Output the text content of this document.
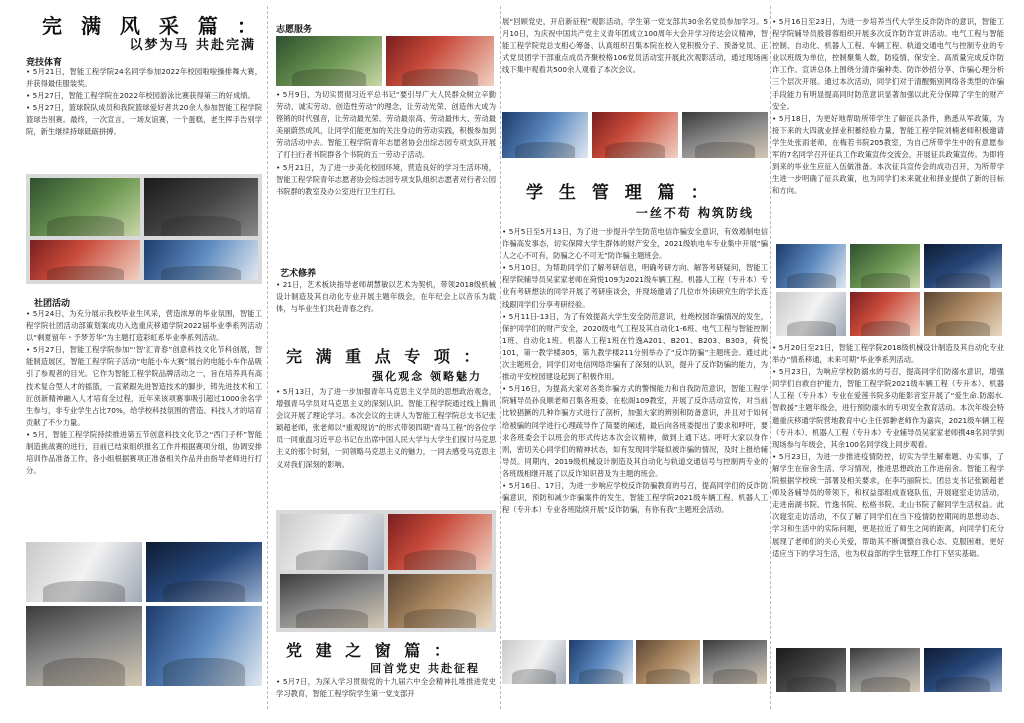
完 满 风 采 篇 ：
以梦为马 共赴完满
竞技体育

• 5月21日，智能工程学院24名同学参加2022年校园啦啦操排舞大赛，并获得最佳服装奖。

• 5月27日，智能工程学院在2022年校园游泳比赛获得第三的好成绩。

• 5月27日，篮球院队成员和我院篮球爱好者共20余人参加智能工程学院篮球告别赛。最终，一次宣言，一场友谊赛，一个蛋糕，老生挥手告别学院，新生继续持球砥砺拼搏。

社团活动

• 5月24日，为充分展示我校毕业生风采，营造浓厚的毕业氛围，智能工程学院社团活动部策划案成功入选重庆移通学院2022届毕业季系列活动以“剩夏留年・予梦芳华”为主题打造彩虹系毕业季系列活动。

• 5月27日，智能工程学院参加“‘智’汇青春”创意科技文化节科创展，智能制造展区，智能工程学院子活动“电能小车大赛”展台的电能小车作品吸引了参观者的目光。它作为智能工程学院品牌活动之一，旨在培养具有高技术复合型人才的摇篮，一直紧跟先进智造技术的脚步，铸先进技术和工匠创新精神融入人才培育全过程，近年来该项赛事吸引超过1000余名学生参与，非专业学生占比70%，给学校科技氛围的营造、科技人才的培育贡献了不少力量。

• 5月，智能工程学院持续推进第五节创意科技文化节之“西门子杯”智能制造挑战赛的进行，目前已结束组织报名工作并根据赛项分组，协调安排培训作品准备工作，各小组根据赛项正准备相关作品并由指导老师进行打分。

志愿服务

• 5月9日，为切实贯彻习近平总书记“要引导广大人民群众树立辛勤劳动、诚实劳动、创造性劳动”的理念，让劳动光荣、创造伟大成为铿锵的时代强音，让劳动最光荣、劳动最崇高、劳动最伟大、劳动最美丽蔚然成风，让同学们能更加的关注身边的劳动实践，积极参加到劳动活动中去。智能工程学院青年志愿者协会出综志园专项支队开展了打扫行者书院群各个书院的五一劳动子活动。

• 5月21日，为了进一步美化校园环境，营造良好的学习生活环境，智能工程学院青年志愿者协会综志园专项支队组织志愿者对行者公园书院群的教室及办公室进行卫生打扫。

艺术修养

• 21日，艺术板块指导老师胡慧敏以艺术为契机，带领2018级机械设计制造及其自动化专业开展主题年级会，在年纪会上以音乐为载体，与毕业生们共赴青春之约。

完 满 重 点 专 项 ：
强化观念 领略魅力

• 5月13日，为了进一步加强青年马克思主义学员的思想政治观念，增强青马学员对马克思主义的深刻认识。智能工程学院通过线上腾讯会议开展了理论学习。本次会议的主讲人为智能工程学院总支书记张颖超老师，张老师以“重观现访”的形式带领四期“青马工程”的各位学员一同重温习近平总书记在出席中国人民大学与大学生们探讨马克思主义的那个时刻，一同领略马克思主义的魅力，一同去感受马克思主义对我们深刻的影响。

党 建 之 窗 篇 ：
回首党史 共赴征程

• 5月7日，为深入学习贯彻党的十九届六中全会精神扎堆推进党史学习教育，智能工程学院学生第一党支部开

展“回顾党史，开启新征程”观影活动，学生第一党支部共30余名党员参加学习。5月10日，为庆祝中国共产党主义青年团成立100周年大会开学习传达会议精神，智能工程学院党总支相心筹备、认真组织召集本院在校入党积极分子、预备党员、正式党员团学干部重点成员齐聚校格106党员活动室开展此次观影活动，通过现场画线下集中观看共500余人观看了本次会议。

学 生 管 理 篇 ：
一丝不苟 构筑防线

• 5月5日至5月13日，为了进一步提升学生防范电信诈骗安全意识，有效遏制电信诈骗高发事态，切实保障大学生群体的财产安全，2021级轨电车专业集中开展“骗人之心不可有，防骗之心不可无”防诈骗主题班会。

• 5月10日，为帮助同学们了解考研信息，明确考研方向、解答考研疑问，智能工程学院辅导员吴家家老师在荷悦109为2021级车辆工程、机器人工程（专升本）专业有考研想法的同学开展了考研座谈会，并现场邀请了几位市外读研究生的学长连线跟同学们分享考研经验。

• 5月11日-13日，为了有效提高大学生安全防范意识，杜绝校园诈骗情况的发生，保护同学们的财产安全，2020级电气工程及其自动化1-6班、电气工程与智能控制1班、自动化1班、机器人工程1班在竹逸A201、B201、B203、B303，荷悦101，第一教学楼305，第九教学楼211分别举办了“反诈防骗”主题班会。通过此次主题班会，同学们对电信网络诈骗有了深刻的认识，提升了反诈防骗的能力，为推动平安校园建设起到了积极作用。

• 5月16日，为提高大家对各类诈骗方式的警惕能力和自我防范意识，智能工程学院辅导员孙良顺老师召集各班委，在松阁109教室，开展了反诈活动宣传，对当前比较猖獗的几种诈骗方式进行了剖析，加强大家的辨别和防备意识，并且对于如何给被骗的同学进行心理疏导作了简要的阐述，最后向各班委提出了要求和呼吁，要求各班委会于以班会的形式传达本次会议精神，做到上通下达。呼吁大家以身作则，密切关心同学们的精神状态，如有发现同学疑似被诈骗的情况，及时上报给辅导员。同期内，2019级机械设计制造及其自动化与轨道交通信号与控制两专业的各班级相继开展了以反诈知识普及为主题的班会。

• 5月16日、17日，为进一步响应学校反诈防骗教育的号召，提高同学们的反诈防骗意识，预防和减少诈骗案件的发生，智能工程学院2021级车辆工程、机器人工程（专升本）专业各班陆续开展“反诈防骗，有你有我”主题班会活动。

• 5月16日至23日，为进一步培养当代大学生反诈防诈的意识，智能工程学院辅导员殷蓉蓉组织开展多次反诈防诈宣讲活动。电气工程与智能控制、自动化、机器人工程、车辆工程、轨道交通电气与控制专业的专业以班级为单位，控制聚集人数，防疫情、保安全、高质量完成反诈防诈工作。宣讲总体上围绕分清诈骗种类、防诈妙招分享、诈骗心理分析三个层次开展。通过本次活动，同学们对于清醒甄别网络各类型的诈骗手段能力有明显提高同时防范意识显著加强以此充分保障了学生的财产安全。

• 5月18日，为更好地帮助所带学生了解征兵条件，熟悉从军政策，为接下来的大四就业择业积蓄经验力量，智能工程学院刘楠老师积极邀请学生处张雨老师，在梅若书院205教室，为自己所带学生中的有意愿参军的7名同学召开征兵工作政策宣传交流会，开展征兵政策宣传。为即将到来的毕业生应征入伍做准备。本次征兵宣传会的成功召开，为所带学生进一步明确了征兵政策，也为同学们未来就业和择业提供了新的目标和方向。

• 5月20日至21日，智能工程学院2018级机械设计制造及其自动化专业举办“情系移通，未来可期”毕业季系列活动。

• 5月23日，为响应学校防溺水的号召，提高同学们防溺水意识，增强同学们自救自护能力，智能工程学院2021级车辆工程（专升本）、机器人工程（专升本）专业在爱莲书院多功能影音室开展了“爱生命.防溺水.智救援”主题年级会，进行预防溺水的专项安全教育活动。本次年级会特邀重庆移通学院营地教育中心主任郭翀老师作为嘉宾，2021级车辆工程（专升本）、机器人工程（专升本）专业辅导员吴家家老师携48名同学到现场参与年级会，其余100名同学线上同步观看。

• 5月23日，为进一步推进疫情防控，切实为学生解难题、办实事，了解学生在宿舍生活、学习情况，推进思想政治工作进宿舍。智能工程学院根据学校统一部署及相关要求，在李巧丽院长、团总支书记张颖超老师及各辅导员的带领下，和权益部组成查寝队伍，开展寝室走访活动，走进南湖书院、竹逸书院、松格书院、北山书院了解同学生活权益。此次寝室走访活动，不仅了解了同学们在当下疫情防控期间的思想动态、学习和生活中的实际问题，更是拉近了师生之间的距离，向同学们充分展现了老师们的关心关爱，帮助其不断调整自我心态、克服困难，更好适应当下的学习生活，也为权益部的学生管理工作打下坚实基础。
